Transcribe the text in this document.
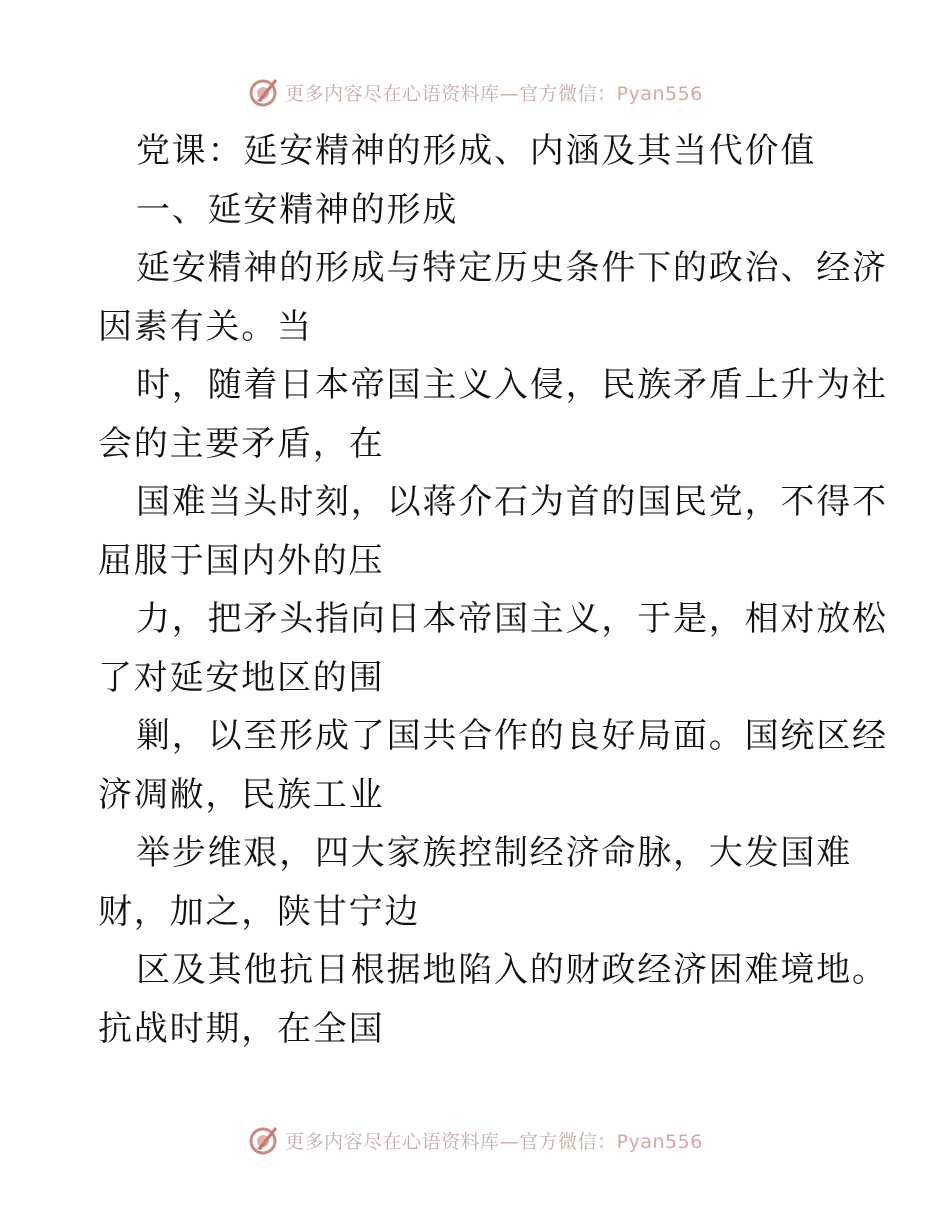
更多内容尽在心语资料库—官方微信：Pyan556
党课：延安精神的形成、内涵及其当代价值
一、延安精神的形成
延安精神的形成与特定历史条件下的政治、经济
因素有关。当
时，随着日本帝国主义入侵，民族矛盾上升为社
会的主要矛盾，在
国难当头时刻，以蒋介石为首的国民党，不得不
屈服于国内外的压
力，把矛头指向日本帝国主义，于是，相对放松
了对延安地区的围
剿，以至形成了国共合作的良好局面。国统区经
济凋敝，民族工业
举步维艰，四大家族控制经济命脉，大发国难
财，加之，陕甘宁边
区及其他抗日根据地陷入的财政经济困难境地。
抗战时期，在全国
更多内容尽在心语资料库—官方微信：Pyan556
